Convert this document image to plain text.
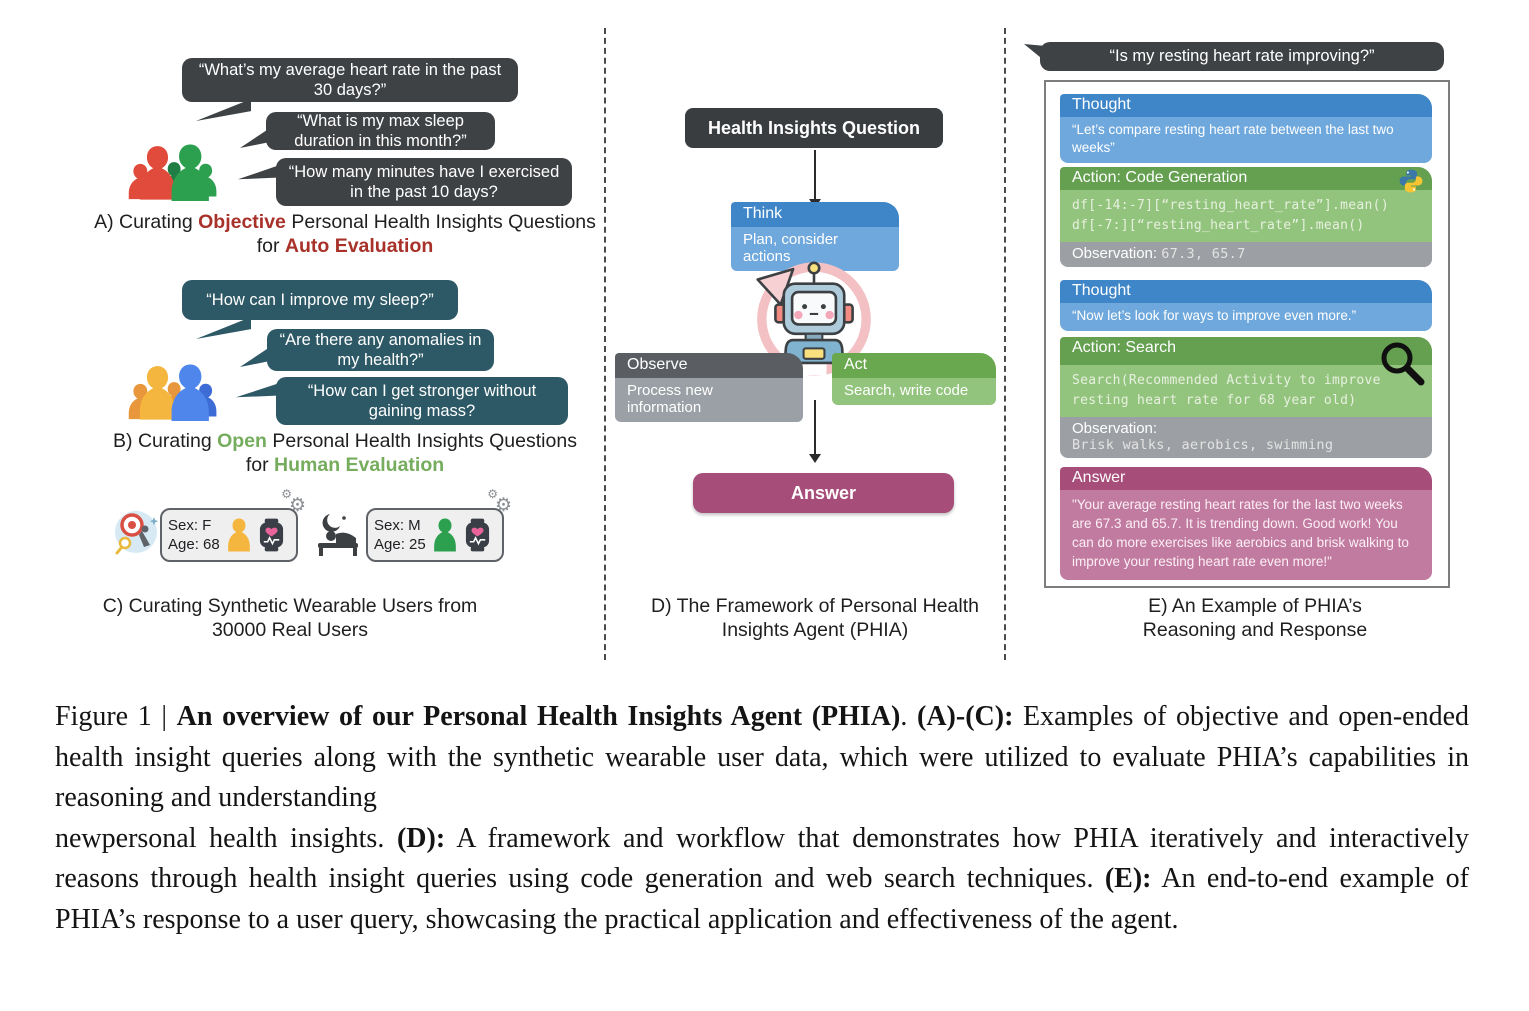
“What’s my average heart rate in the past 30 days?”
“What is my max sleep duration in this month?”
“How many minutes have I exercised in the past 10 days?
A) Curating Objective Personal Health Insights Questions
for Auto Evaluation
“How can I improve my sleep?”
“Are there any anomalies in my health?”
“How can I get stronger without gaining mass?
B) Curating Open Personal Health Insights Questions
for Human Evaluation
⚙
⚙
Sex: F
Age: 68
⚙
⚙
Sex: M
Age: 25
C) Curating Synthetic Wearable Users from
30000 Real Users
Health Insights Question
Think
Plan, consider actions
Observe
Process new information
Act
Search, write code
Answer
D) The Framework of Personal Health
Insights Agent (PHIA)
“Is my resting heart rate improving?”
Thought
“Let’s compare resting heart rate between the last two weeks”
Action: Code Generation
df[-14:-7][“resting_heart_rate”].mean()
df[-7:][“resting_heart_rate”].mean()
Observation: 67.3, 65.7
Thought
“Now let’s look for ways to improve even more.”
Action: Search
Search(Recommended Activity to improve
resting heart rate for 68 year old)
Observation:
Brisk walks, aerobics, swimming
Answer
"Your average resting heart rates for the last two weeks are 67.3 and 65.7. It is trending down. Good work! You can do more exercises like aerobics and brisk walking to improve your resting heart rate even more!"
E) An Example of PHIA’s
Reasoning and Response

Figure 1 | An overview of our Personal Health Insights Agent (PHIA). (A)-(C): Examples of objective and open-ended health insight queries along with the synthetic wearable user data, which were utilized to evaluate PHIA’s capabilities in reasoning and understanding
newpersonal health insights. (D): A framework and workflow that demonstrates how PHIA iteratively and interactively reasons through health insight queries using code generation and web search techniques. (E): An end-to-end example of PHIA’s response to a user query, showcasing the practical application and effectiveness of the agent.
